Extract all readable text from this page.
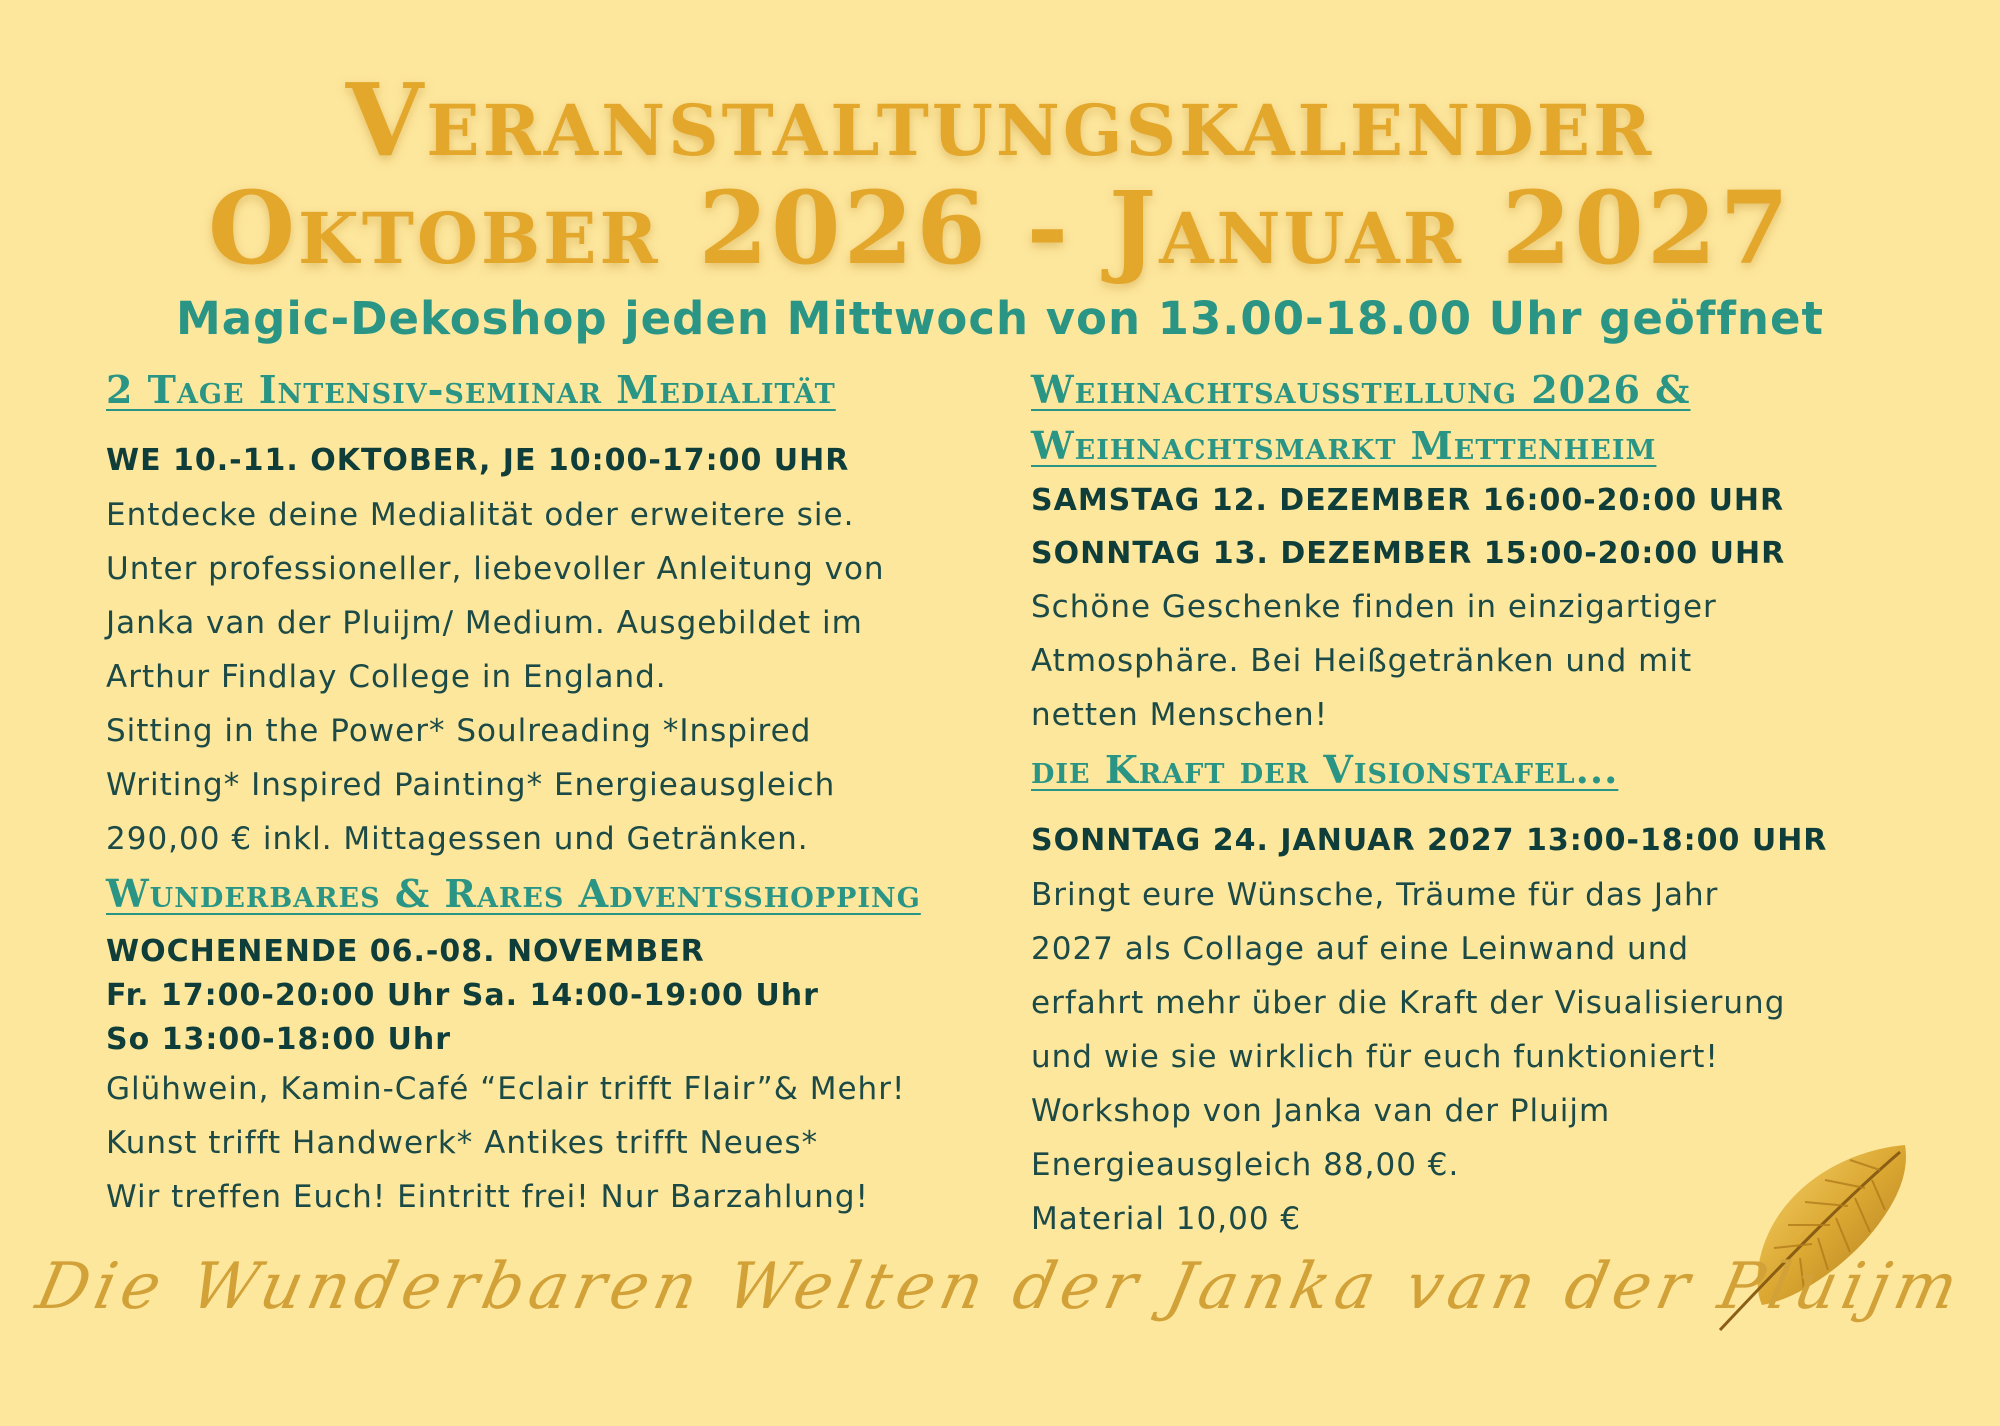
Veranstaltungskalender
Oktober 2026 - Januar 2027
Magic-Dekoshop jeden Mittwoch von 13.00-18.00 Uhr geöffnet
2 Tage Intensiv-seminar Medialität
WE 10.-11. OKTOBER, JE 10:00-17:00 UHR
Entdecke deine Medialität oder erweitere sie.
Unter professioneller, liebevoller Anleitung von
Janka van der Pluijm/ Medium. Ausgebildet im
Arthur Findlay College in England.
Sitting in the Power* Soulreading *Inspired
Writing* Inspired Painting* Energieausgleich
290,00 € inkl. Mittagessen und Getränken.
Wunderbares & Rares Adventsshopping
WOCHENENDE 06.-08. NOVEMBER
Fr. 17:00-20:00 Uhr Sa. 14:00-19:00 Uhr
So 13:00-18:00 Uhr
Glühwein, Kamin-Café “Eclair trifft Flair”& Mehr!
Kunst trifft Handwerk* Antikes trifft Neues*
Wir treffen Euch! Eintritt frei! Nur Barzahlung!
Weihnachtsausstellung 2026 &
Weihnachtsmarkt Mettenheim
SAMSTAG 12. DEZEMBER 16:00-20:00 UHR
SONNTAG 13. DEZEMBER 15:00-20:00 UHR
Schöne Geschenke finden in einzigartiger
Atmosphäre. Bei Heißgetränken und mit
netten Menschen!
die Kraft der Visionstafel...
SONNTAG 24. JANUAR 2027 13:00-18:00 UHR
Bringt eure Wünsche, Träume für das Jahr
2027 als Collage auf eine Leinwand und
erfahrt mehr über die Kraft der Visualisierung
und wie sie wirklich für euch funktioniert!
Workshop von Janka van der Pluijm
Energieausgleich 88,00 €.
Material 10,00 €
Die Wunderbaren Welten der Janka van der Pluijm
